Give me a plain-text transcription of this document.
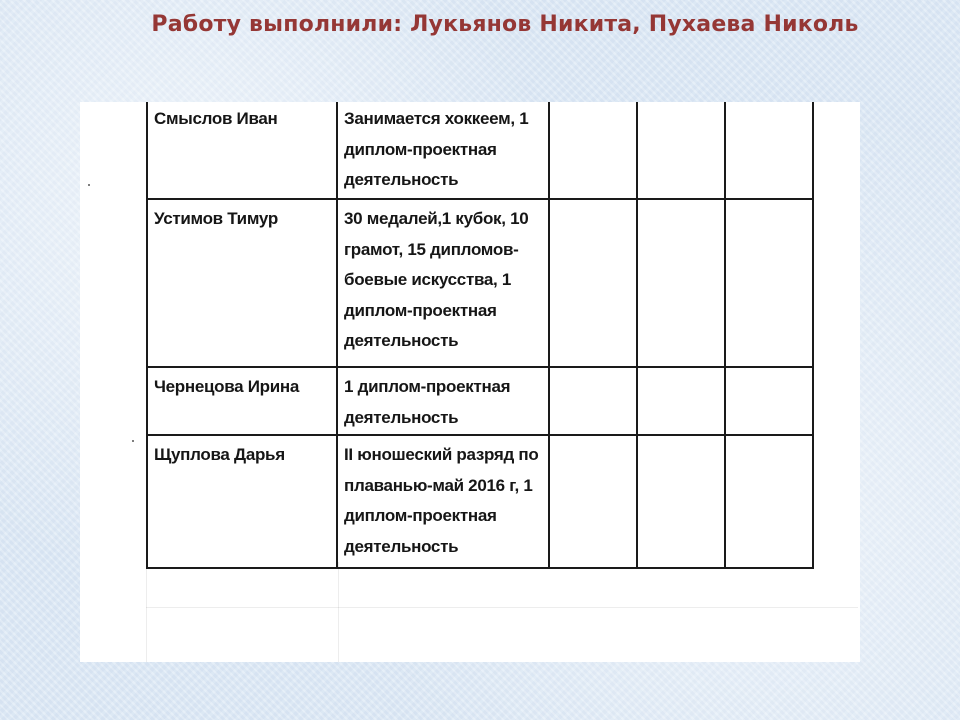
Работу выполнили: Лукьянов Никита, Пухаева Николь
Смыслов Иван	Занимается хоккеем, 1 диплом-проектная деятельность			
Устимов Тимур	30 медалей,1 кубок, 10 грамот, 15 дипломов-боевые искусства, 1 диплом-проектная деятельность			
Чернецова Ирина	1 диплом-проектная деятельность			
Щуплова Дарья	II юношеский разряд по плаванью-май 2016 г, 1 диплом-проектная деятельность			
